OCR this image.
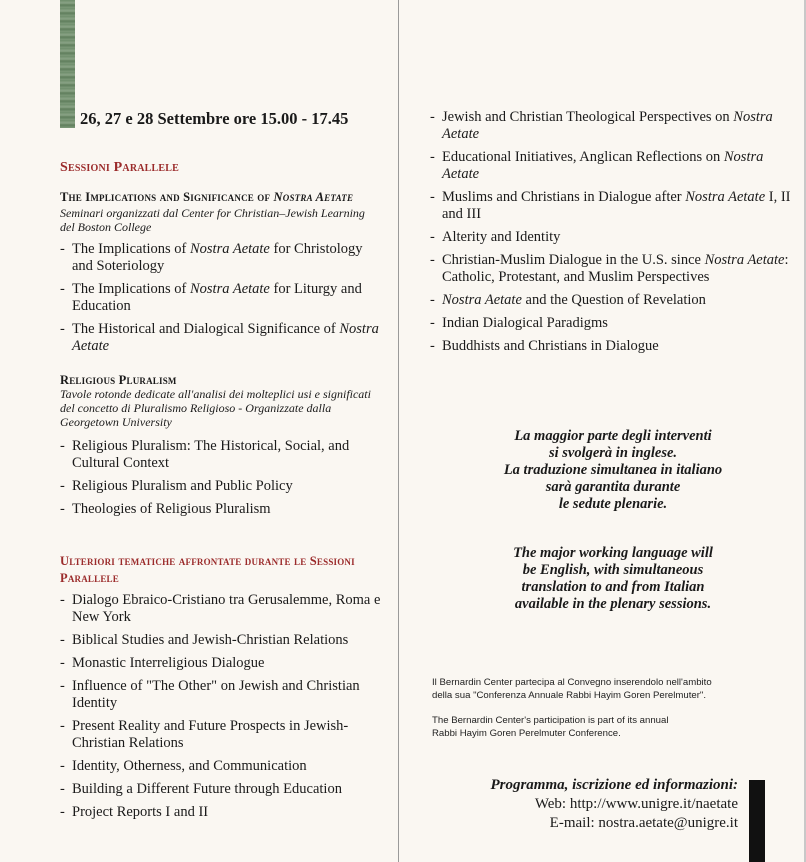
26, 27 e 28 Settembre ore 15.00 - 17.45
Sessioni Parallele
The Implications and Significance of Nostra Aetate
Seminari organizzati dal Center for Christian–Jewish Learning del Boston College
- The Implications of Nostra Aetate for Christology and Soteriology
- The Implications of Nostra Aetate for Liturgy and Education
- The Historical and Dialogical Significance of Nostra Aetate
Religious Pluralism
Tavole rotonde dedicate all'analisi dei molteplici usi e significati del concetto di Pluralismo Religioso - Organizzate dalla Georgetown University
- Religious Pluralism: The Historical, Social, and Cultural Context
- Religious Pluralism and Public Policy
- Theologies of Religious Pluralism
Ulteriori tematiche affrontate durante le Sessioni Parallele
- Dialogo Ebraico-Cristiano tra Gerusalemme, Roma e New York
- Biblical Studies and Jewish-Christian Relations
- Monastic Interreligious Dialogue
- Influence of "The Other" on Jewish and Christian Identity
- Present Reality and Future Prospects in Jewish-Christian Relations
- Identity, Otherness, and Communication
- Building a Different Future through Education
- Project Reports I and II
- Jewish and Christian Theological Perspectives on Nostra Aetate
- Educational Initiatives, Anglican Reflections on Nostra Aetate
- Muslims and Christians in Dialogue after Nostra Aetate I, II and III
- Alterity and Identity
- Christian-Muslim Dialogue in the U.S. since Nostra Aetate: Catholic, Protestant, and Muslim Perspectives
- Nostra Aetate and the Question of Revelation
- Indian Dialogical Paradigms
- Buddhists and Christians in Dialogue
La maggior parte degli interventi
si svolgerà in inglese.
La traduzione simultanea in italiano
sarà garantita durante
le sedute plenarie.
The major working language will
be English, with simultaneous
translation to and from Italian
available in the plenary sessions.
Il Bernardin Center partecipa al Convegno inserendolo nell'ambito
della sua "Conferenza Annuale Rabbi Hayim Goren Perelmuter".
The Bernardin Center's participation is part of its annual
Rabbi Hayim Goren Perelmuter Conference.
Programma, iscrizione ed informazioni:
Web: http://www.unigre.it/naetate
E-mail: nostra.aetate@unigre.it
